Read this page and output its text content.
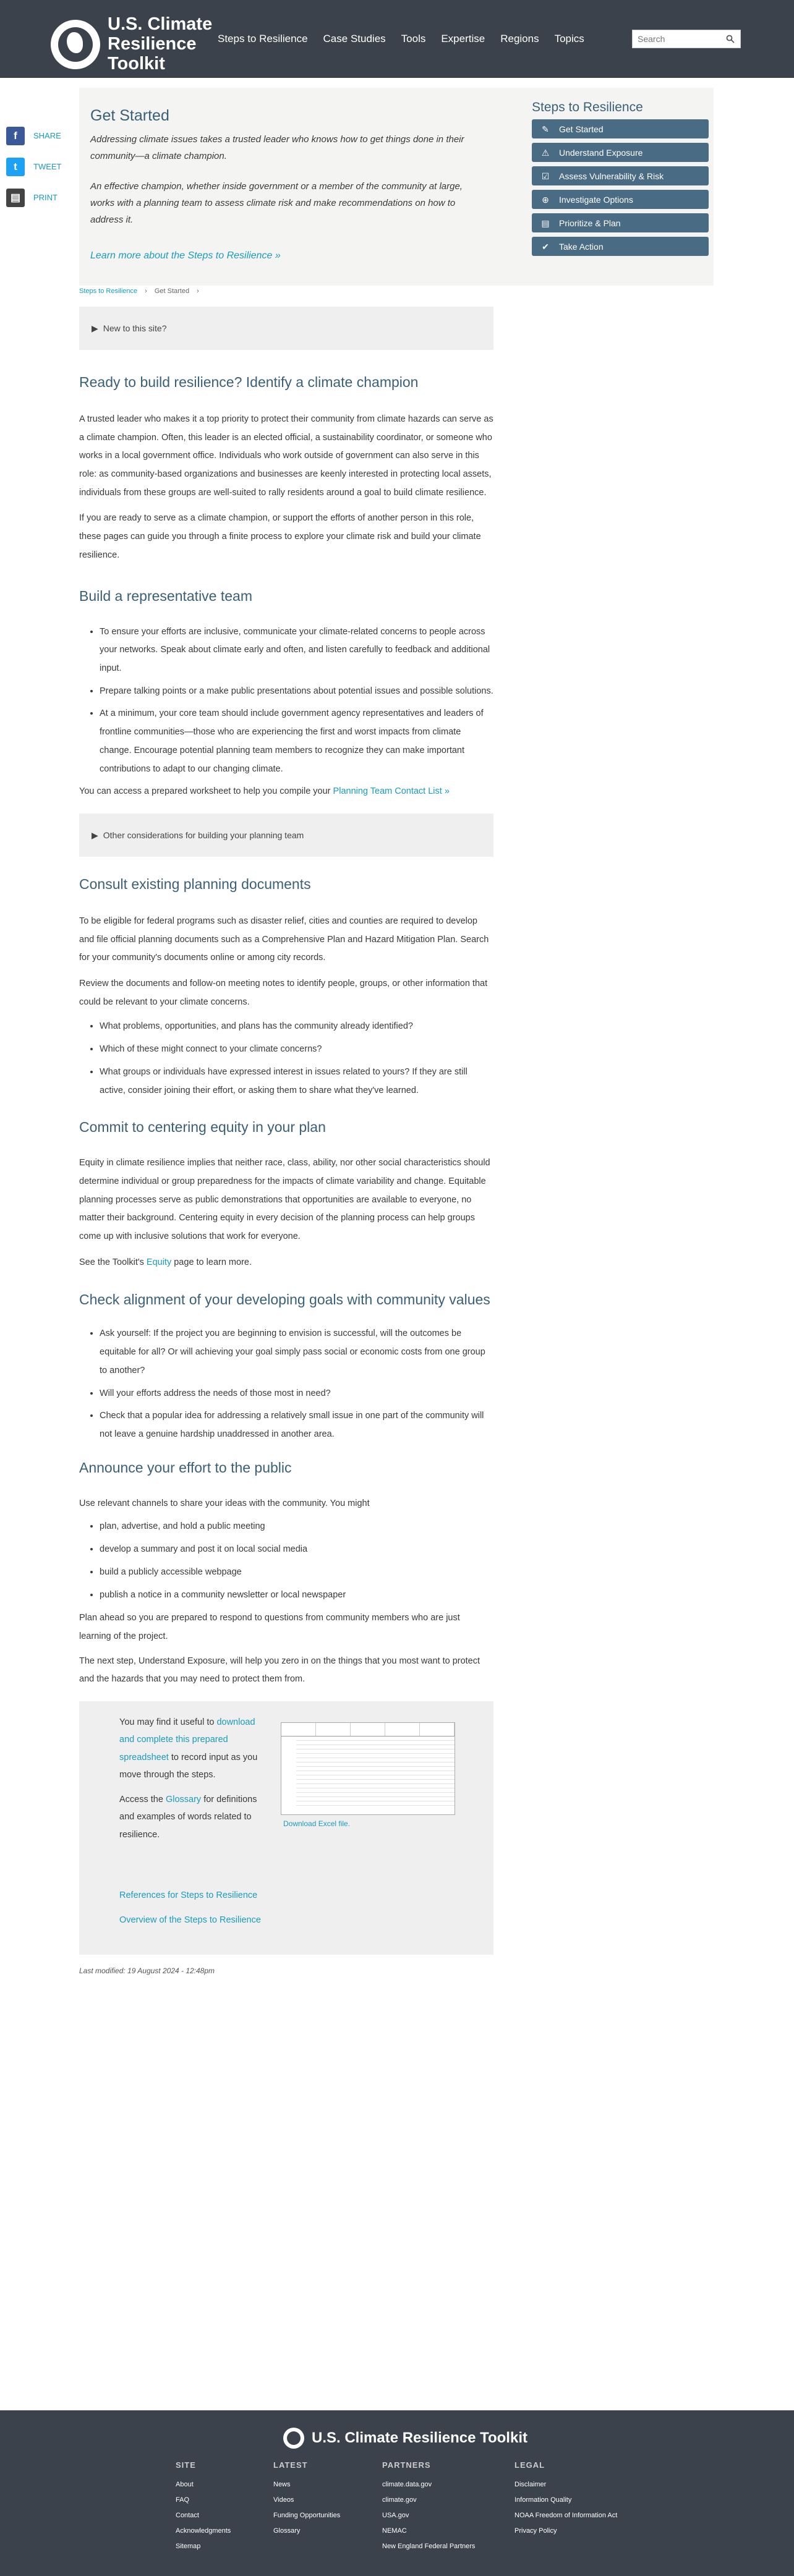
U.S. Climate
Resilience
Toolkit
Steps to Resilience Case Studies Tools Expertise Regions Topics
Search
f	SHARE
t	TWEET
▤	PRINT
Get Started

Addressing climate issues takes a trusted leader who knows how to get things done in their community—a climate champion.

An effective champion, whether inside government or a member of the community at large, works with a planning team to assess climate risk and make recommendations on how to address it.

Learn more about the Steps to Resilience »
Steps to Resilience
✎ Get Started
⚠ Understand Exposure
☑ Assess Vulnerability & Risk
⊕ Investigate Options
▤ Prioritize & Plan
✔ Take Action
Steps to Resilience › Get Started ›
▶ New to this site?
Ready to build resilience? Identify a climate champion

A trusted leader who makes it a top priority to protect their community from climate hazards can serve as a climate champion. Often, this leader is an elected official, a sustainability coordinator, or someone who works in a local government office. Individuals who work outside of government can also serve in this role: as community-based organizations and businesses are keenly interested in protecting local assets, individuals from these groups are well-suited to rally residents around a goal to build climate resilience.

If you are ready to serve as a climate champion, or support the efforts of another person in this role, these pages can guide you through a finite process to explore your climate risk and build your climate resilience.

Build a representative team
• To ensure your efforts are inclusive, communicate your climate-related concerns to people across your networks. Speak about climate early and often, and listen carefully to feedback and additional input.
• Prepare talking points or a make public presentations about potential issues and possible solutions.
• At a minimum, your core team should include government agency representatives and leaders of frontline communities—those who are experiencing the first and worst impacts from climate change. Encourage potential planning team members to recognize they can make important contributions to adapt to our changing climate.

You can access a prepared worksheet to help you compile your Planning Team Contact List »

▶ Other considerations for building your planning team
Consult existing planning documents

To be eligible for federal programs such as disaster relief, cities and counties are required to develop and file official planning documents such as a Comprehensive Plan and Hazard Mitigation Plan. Search for your community's documents online or among city records.

Review the documents and follow-on meeting notes to identify people, groups, or other information that could be relevant to your climate concerns.

• What problems, opportunities, and plans has the community already identified?
• Which of these might connect to your climate concerns?
• What groups or individuals have expressed interest in issues related to yours? If they are still active, consider joining their effort, or asking them to share what they've learned.
Commit to centering equity in your plan

Equity in climate resilience implies that neither race, class, ability, nor other social characteristics should determine individual or group preparedness for the impacts of climate variability and change. Equitable planning processes serve as public demonstrations that opportunities are available to everyone, no matter their background. Centering equity in every decision of the planning process can help groups come up with inclusive solutions that work for everyone.

See the Toolkit's Equity page to learn more.

Check alignment of your developing goals with community values
• Ask yourself: If the project you are beginning to envision is successful, will the outcomes be equitable for all? Or will achieving your goal simply pass social or economic costs from one group to another?
• Will your efforts address the needs of those most in need?
• Check that a popular idea for addressing a relatively small issue in one part of the community will not leave a genuine hardship unaddressed in another area.
Announce your effort to the public

Use relevant channels to share your ideas with the community. You might

• plan, advertise, and hold a public meeting
• develop a summary and post it on local social media
• build a publicly accessible webpage
• publish a notice in a community newsletter or local newspaper

Plan ahead so you are prepared to respond to questions from community members who are just learning of the project.

The next step, Understand Exposure, will help you zero in on the things that you most want to protect and the hazards that you may need to protect them from.

You may find it useful to download and complete this prepared spreadsheet to record input as you move through the steps.

Access the Glossary for definitions and examples of words related to resilience.

References for Steps to Resilience
Overview of the Steps to Resilience
Download Excel file.

Last modified: 19 August 2024 - 12:48pm

U.S. Climate Resilience Toolkit
SITE
About
FAQ
Contact
Acknowledgments
Sitemap
LATEST
News
Videos
Funding Opportunities
Glossary
PARTNERS
climate.data.gov
climate.gov
USA.gov
NEMAC
New England Federal Partners
LEGAL
Disclaimer
Information Quality
NOAA Freedom of Information Act
Privacy Policy
